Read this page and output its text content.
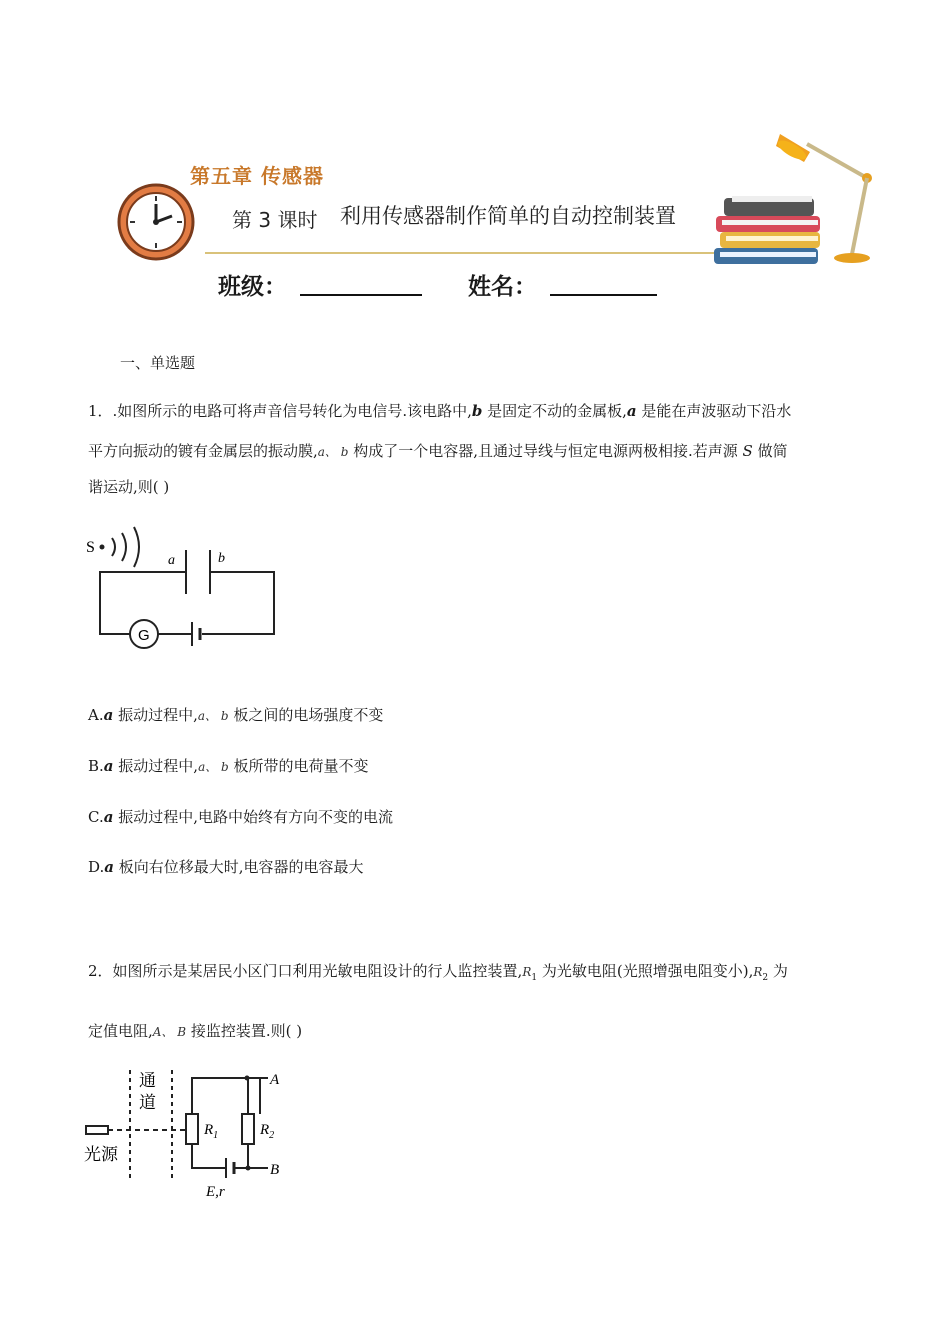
第五章 传感器
第 3 课时 利用传感器制作简单的自动控制装置
班级：	姓名：
一、单选题
1．.如图所示的电路可将声音信号转化为电信号.该电路中,b 是固定不动的金属板,a 是能在声波驱动下沿水
平方向振动的镀有金属层的振动膜,a、 b 构成了一个电容器,且通过导线与恒定电源两极相接.若声源 S 做简
谐运动,则( )
S
a	b
G
A.a 振动过程中,a、 b 板之间的电场强度不变
B.a 振动过程中,a、 b 板所带的电荷量不变
C.a 振动过程中,电路中始终有方向不变的电流
D.a 板向右位移最大时,电容器的电容最大
2．如图所示是某居民小区门口利用光敏电阻设计的行人监控装置$,R_1$ 为光敏电阻(光照增强电阻变小)$,R_2$ 为
定值电阻,A、 B 接监控装置.则( )
通
道
光源
A
$R_1$	$R_2$
B
E,r
